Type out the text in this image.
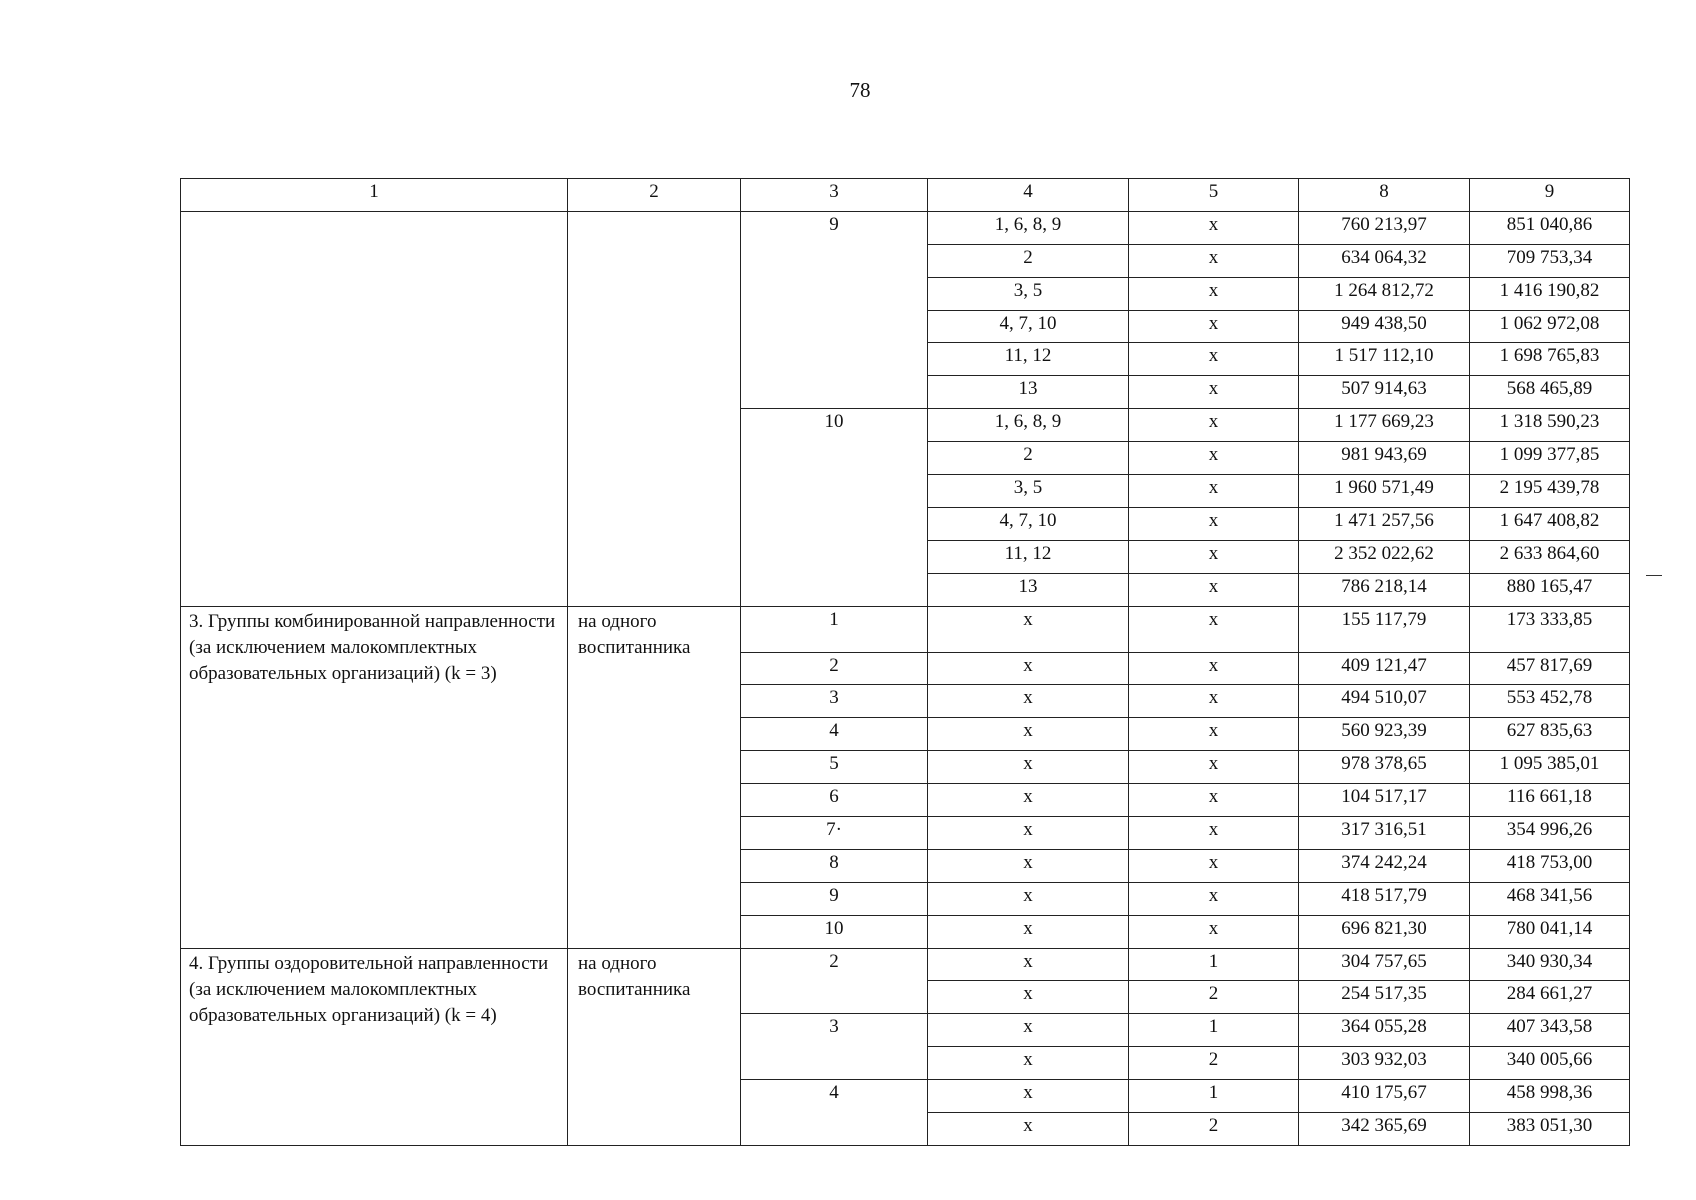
78
1	2	3	4	5	8	9
		9	1, 6, 8, 9	x	760 213,97	851 040,86
			2	x	634 064,32	709 753,34
			3, 5	x	1 264 812,72	1 416 190,82
			4, 7, 10	x	949 438,50	1 062 972,08
			11, 12	x	1 517 112,10	1 698 765,83
			13	x	507 914,63	568 465,89
		10	1, 6, 8, 9	x	1 177 669,23	1 318 590,23
			2	x	981 943,69	1 099 377,85
			3, 5	x	1 960 571,49	2 195 439,78
			4, 7, 10	x	1 471 257,56	1 647 408,82
			11, 12	x	2 352 022,62	2 633 864,60
			13	x	786 218,14	880 165,47
3. Группы комбинированной направленности (за исключением малокомплектных образовательных организаций) (k = 3)	на одного воспитанника	1	x	x	155 117,79	173 333,85
		2	x	x	409 121,47	457 817,69
		3	x	x	494 510,07	553 452,78
		4	x	x	560 923,39	627 835,63
		5	x	x	978 378,65	1 095 385,01
		6	x	x	104 517,17	116 661,18
		7·	x	x	317 316,51	354 996,26
		8	x	x	374 242,24	418 753,00
		9	x	x	418 517,79	468 341,56
		10	x	x	696 821,30	780 041,14
4. Группы оздоровительной направленности (за исключением малокомплектных образовательных организаций) (k = 4)	на одного воспитанника	2	x	1	304 757,65	340 930,34
			x	2	254 517,35	284 661,27
		3	x	1	364 055,28	407 343,58
			x	2	303 932,03	340 005,66
		4	x	1	410 175,67	458 998,36
			x	2	342 365,69	383 051,30
